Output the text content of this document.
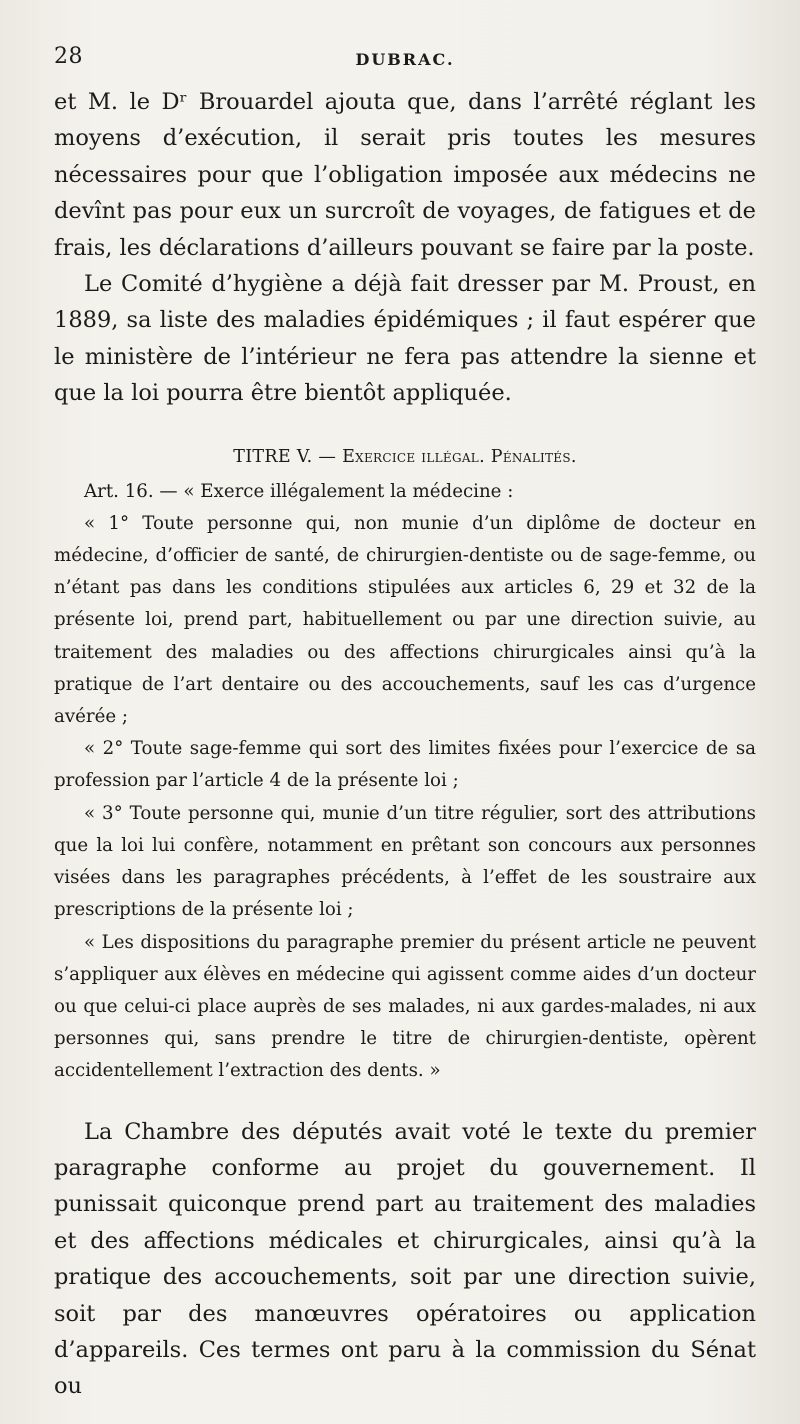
28	DUBRAC.

et M. le Dʳ Brouardel ajouta que, dans l’arrêté réglant les moyens d’exécution, il serait pris toutes les mesures nécessaires pour que l’obligation imposée aux médecins ne devînt pas pour eux un surcroît de voyages, de fatigues et de frais, les déclarations d’ailleurs pouvant se faire par la poste.

Le Comité d’hygiène a déjà fait dresser par M. Proust, en 1889, sa liste des maladies épidémiques ; il faut espérer que le ministère de l’intérieur ne fera pas attendre la sienne et que la loi pourra être bientôt appliquée.

TITRE V. — Exercice illégal. Pénalités.

Art. 16. — « Exerce illégalement la médecine :

« 1° Toute personne qui, non munie d’un diplôme de docteur en médecine, d’officier de santé, de chirurgien-dentiste ou de sage-femme, ou n’étant pas dans les conditions stipulées aux articles 6, 29 et 32 de la présente loi, prend part, habituellement ou par une direction suivie, au traitement des maladies ou des affections chirurgicales ainsi qu’à la pratique de l’art dentaire ou des accouchements, sauf les cas d’urgence avérée ;

« 2° Toute sage-femme qui sort des limites fixées pour l’exercice de sa profession par l’article 4 de la présente loi ;

« 3° Toute personne qui, munie d’un titre régulier, sort des attributions que la loi lui confère, notamment en prêtant son concours aux personnes visées dans les paragraphes précédents, à l’effet de les soustraire aux prescriptions de la présente loi ;

« Les dispositions du paragraphe premier du présent article ne peuvent s’appliquer aux élèves en médecine qui agissent comme aides d’un docteur ou que celui-ci place auprès de ses malades, ni aux gardes-malades, ni aux personnes qui, sans prendre le titre de chirurgien-dentiste, opèrent accidentellement l’extraction des dents. »

La Chambre des députés avait voté le texte du premier paragraphe conforme au projet du gouvernement. Il punissait quiconque prend part au traitement des maladies et des affections médicales et chirurgicales, ainsi qu’à la pratique des accouchements, soit par une direction suivie, soit par des manœuvres opératoires ou application d’appareils. Ces termes ont paru à la commission du Sénat ou
